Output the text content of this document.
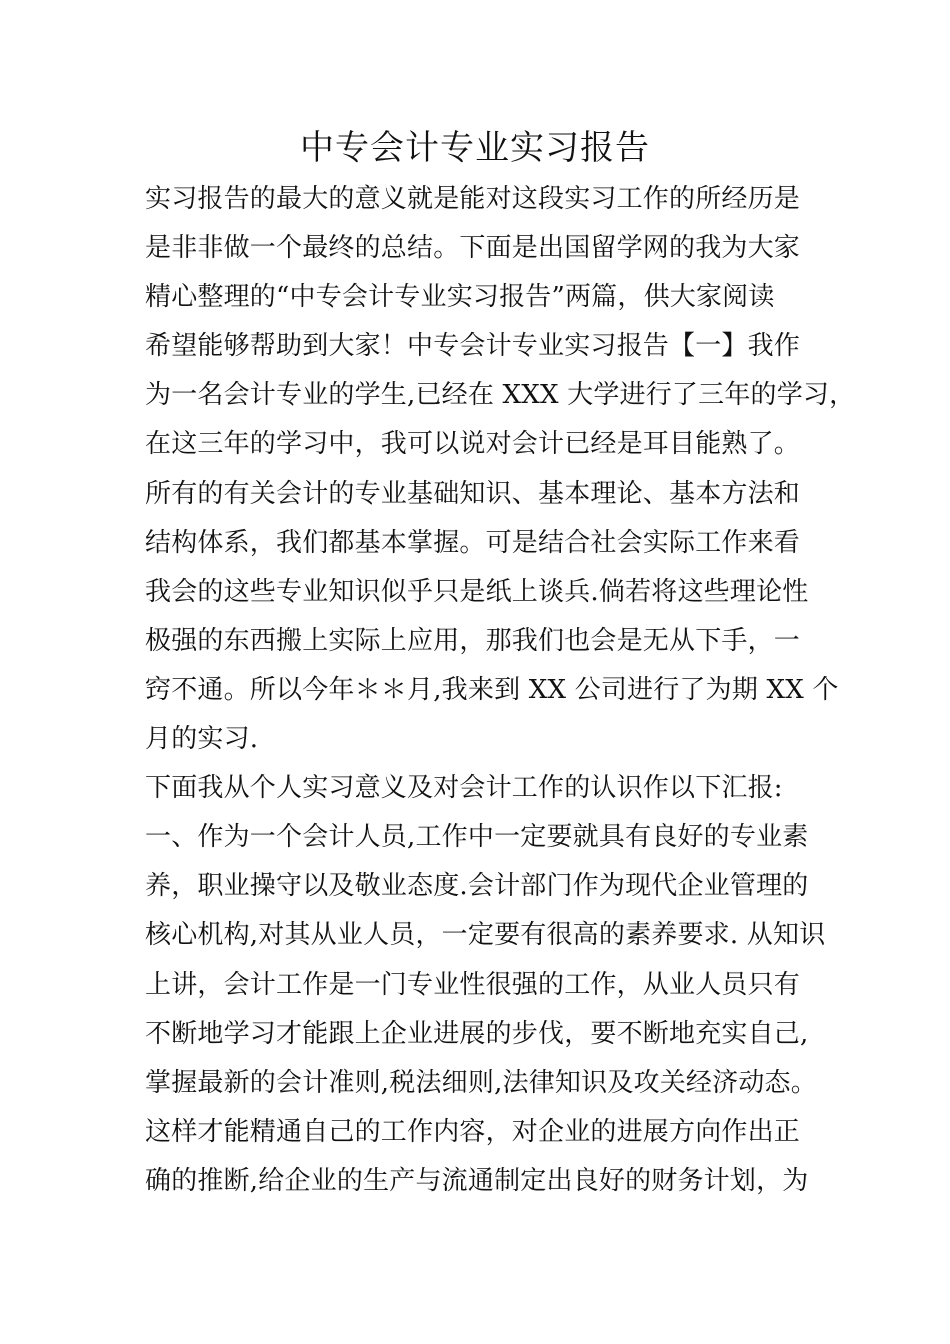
中专会计专业实习报告
实习报告的最大的意义就是能对这段实习工作的所经历是
是非非做一个最终的总结。下面是出国留学网的我为大家
精心整理的“中专会计专业实习报告”两篇，供大家阅读
希望能够帮助到大家！中专会计专业实习报告【一】我作
为一名会计专业的学生,已经在 XXX 大学进行了三年的学习，
在这三年的学习中，我可以说对会计已经是耳目能熟了。
所有的有关会计的专业基础知识、基本理论、基本方法和
结构体系，我们都基本掌握。可是结合社会实际工作来看
我会的这些专业知识似乎只是纸上谈兵.倘若将这些理论性
极强的东西搬上实际上应用，那我们也会是无从下手，一
窍不通。所以今年＊＊月,我来到 XX 公司进行了为期 XX 个
月的实习.
下面我从个人实习意义及对会计工作的认识作以下汇报:
一、作为一个会计人员,工作中一定要就具有良好的专业素
养，职业操守以及敬业态度.会计部门作为现代企业管理的
核心机构,对其从业人员，一定要有很高的素养要求. 从知识
上讲，会计工作是一门专业性很强的工作，从业人员只有
不断地学习才能跟上企业进展的步伐，要不断地充实自己,
掌握最新的会计准则,税法细则,法律知识及攻关经济动态。
这样才能精通自己的工作内容，对企业的进展方向作出正
确的推断,给企业的生产与流通制定出良好的财务计划，为
